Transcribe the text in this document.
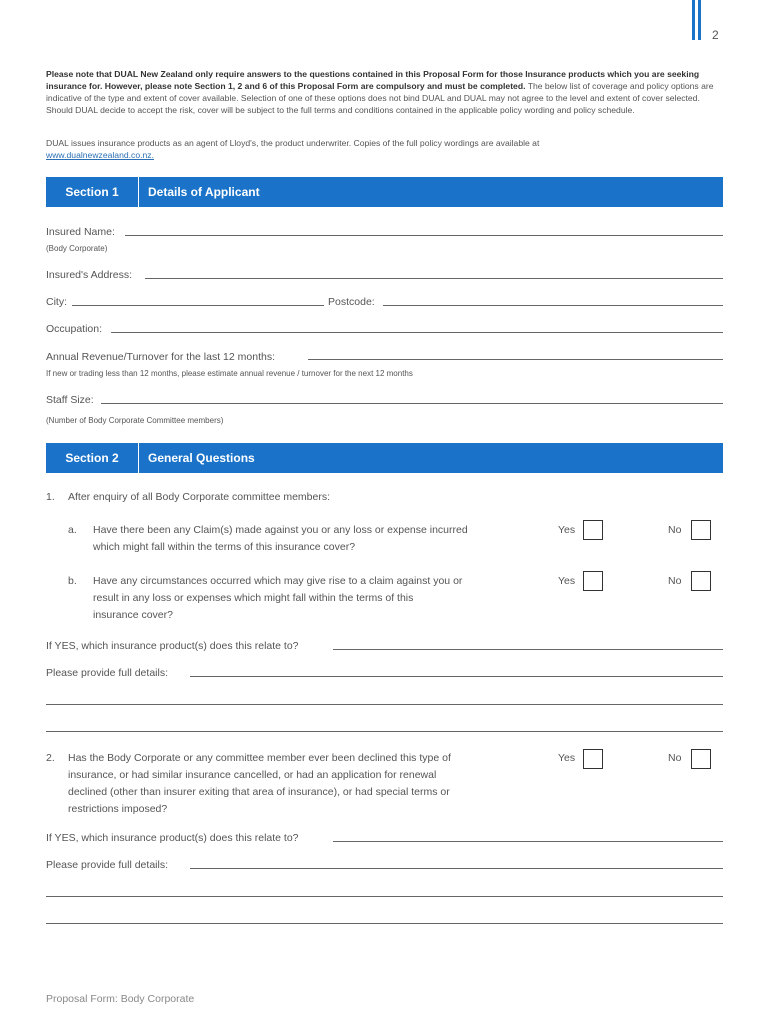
2
Please note that DUAL New Zealand only require answers to the questions contained in this Proposal Form for those Insurance products which you are seeking insurance for. However, please note Section 1, 2 and 6 of this Proposal Form are compulsory and must be completed. The below list of coverage and policy options are indicative of the type and extent of cover available. Selection of one of these options does not bind DUAL and DUAL may not agree to the level and extent of cover selected. Should DUAL decide to accept the risk, cover will be subject to the full terms and conditions contained in the applicable policy wording and policy schedule.
DUAL issues insurance products as an agent of Lloyd's, the product underwriter. Copies of the full policy wordings are available at
www.dualnewzealand.co.nz.
Section 1	Details of Applicant
Insured Name:
(Body Corporate)
Insured's Address:
City:	Postcode:
Occupation:
Annual Revenue/Turnover for the last 12 months:
If new or trading less than 12 months, please estimate annual revenue / turnover for the next 12 months
Staff Size:
(Number of Body Corporate Committee members)
Section 2	General Questions
1. After enquiry of all Body Corporate committee members:
a. Have there been any Claim(s) made against you or any loss or expense incurred
which might fall within the terms of this insurance cover?
Yes	No
b. Have any circumstances occurred which may give rise to a claim against you or
result in any loss or expenses which might fall within the terms of this
insurance cover?
Yes	No
If YES, which insurance product(s) does this relate to?
Please provide full details:
2. Has the Body Corporate or any committee member ever been declined this type of
insurance, or had similar insurance cancelled, or had an application for renewal
declined (other than insurer exiting that area of insurance), or had special terms or
restrictions imposed?
Yes	No
If YES, which insurance product(s) does this relate to?
Please provide full details:
Proposal Form: Body Corporate
